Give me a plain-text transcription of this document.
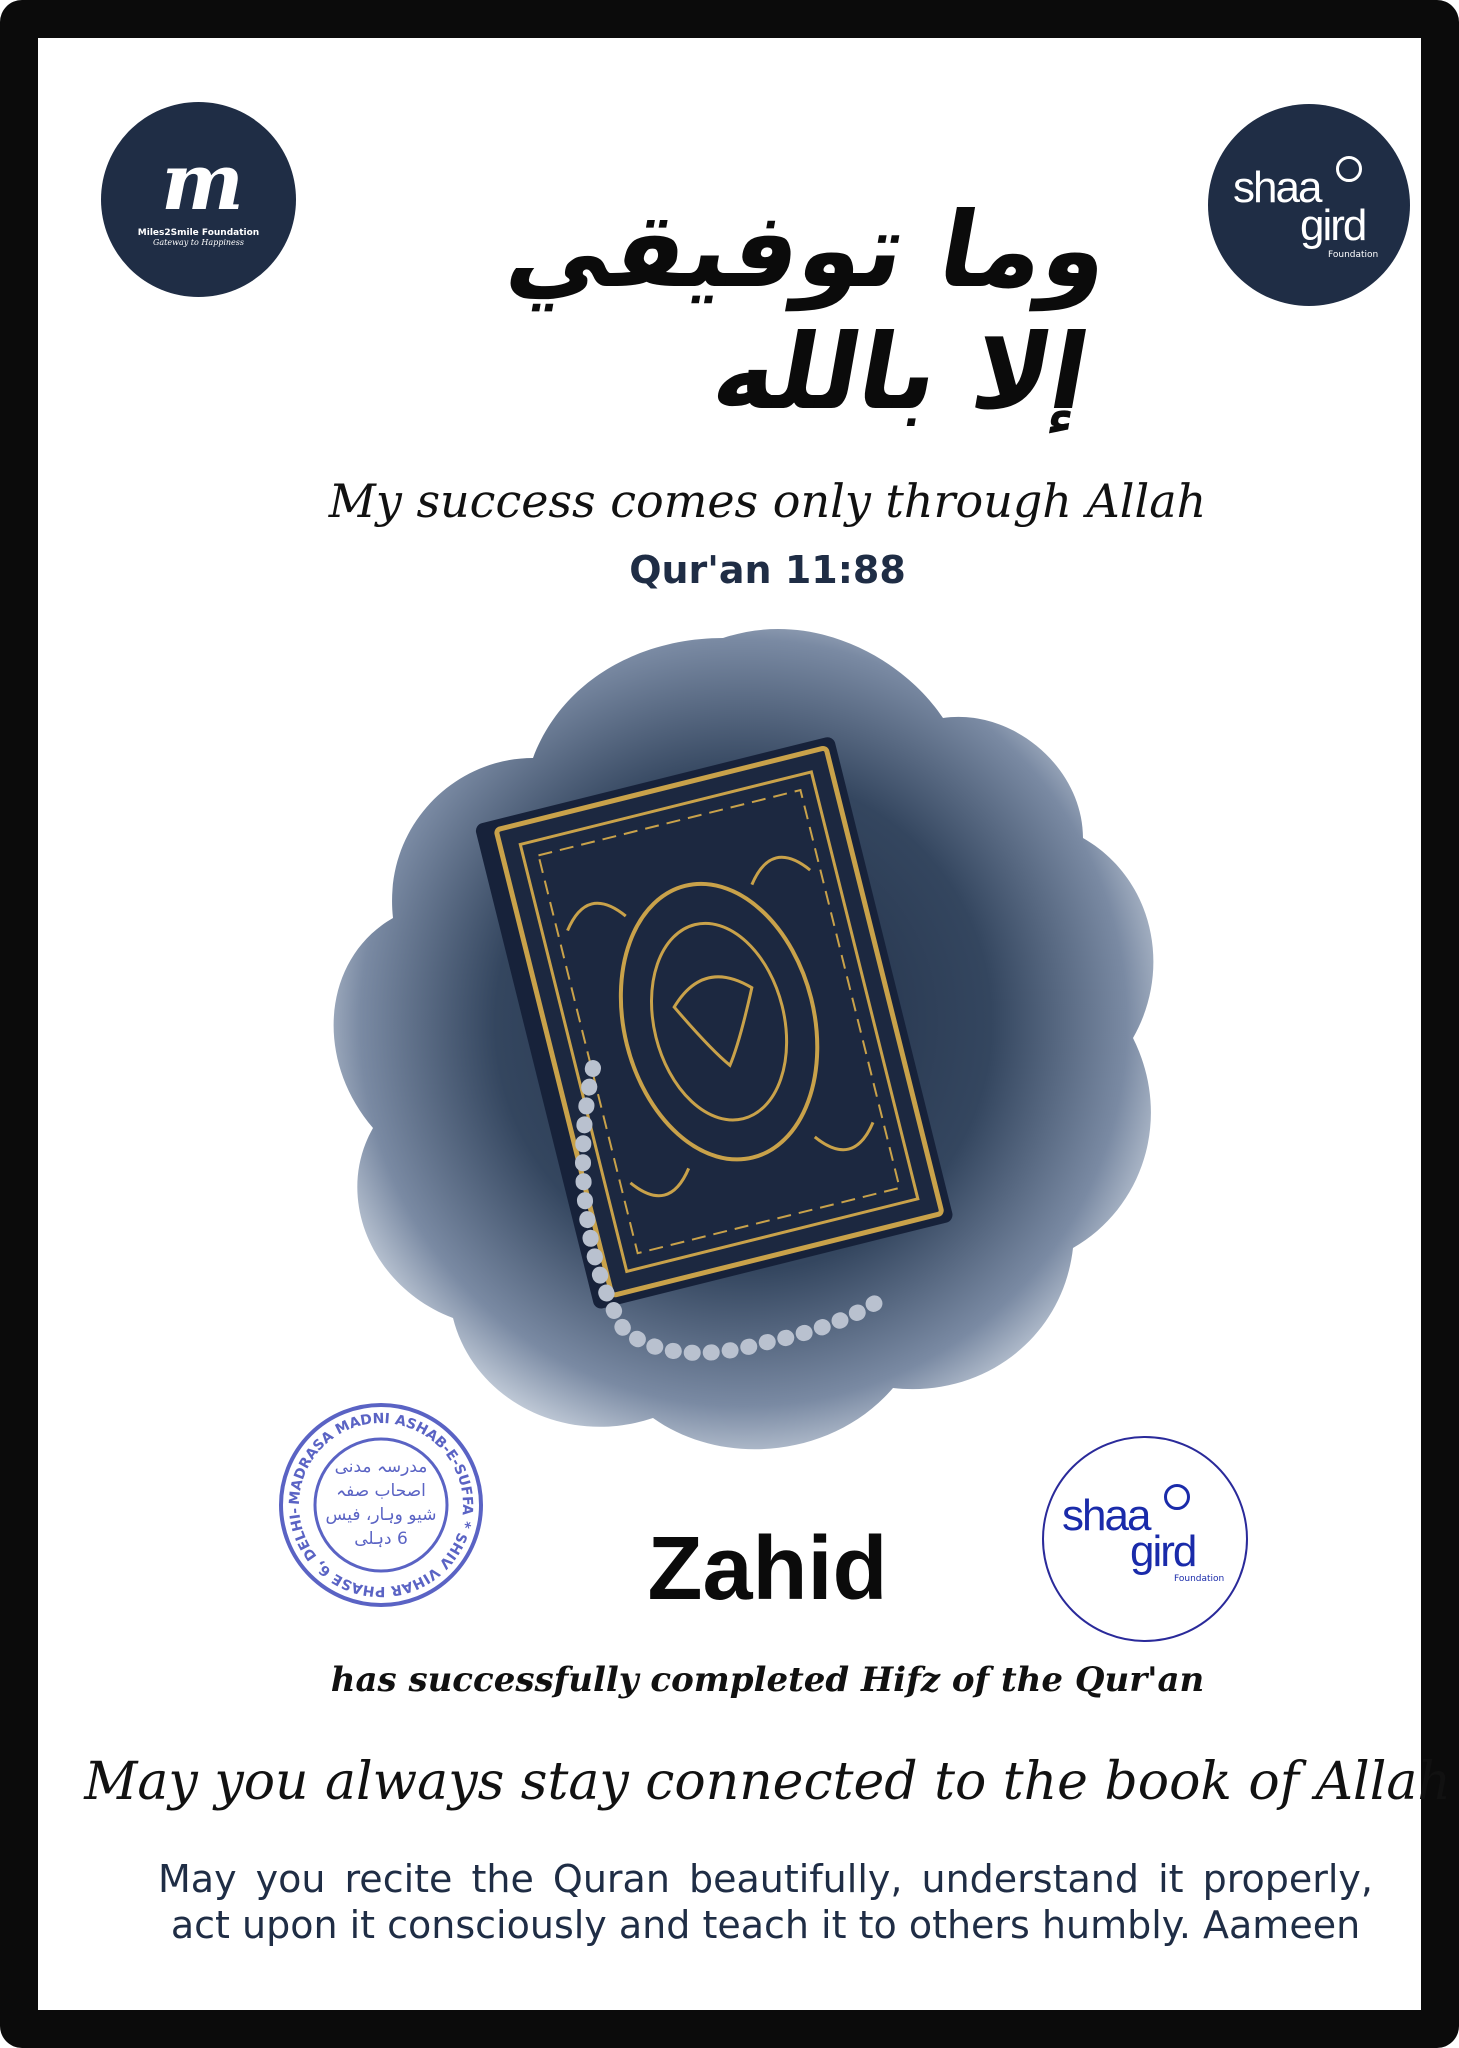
m
Miles2Smile Foundation
Gateway to Happiness
shaa
gird
Foundation
وما توفيقي إلا بالله
My success comes only through Allah
Qur'an 11:88
MADRASA MADNI ASHAB-E-SUFFA * SHIV VIHAR PHASE 6, DELHI-
مدرسہ مدنی اصحاب صفہ شیو وہار، فیس 6 دہلی	shaa
gird
Foundation
Zahid
has successfully completed Hifz of the Qur'an
May you always stay connected to the book of Allah
May you recite the Quran beautifully, understand it properly, act upon it consciously and teach it to others humbly. Aameen
